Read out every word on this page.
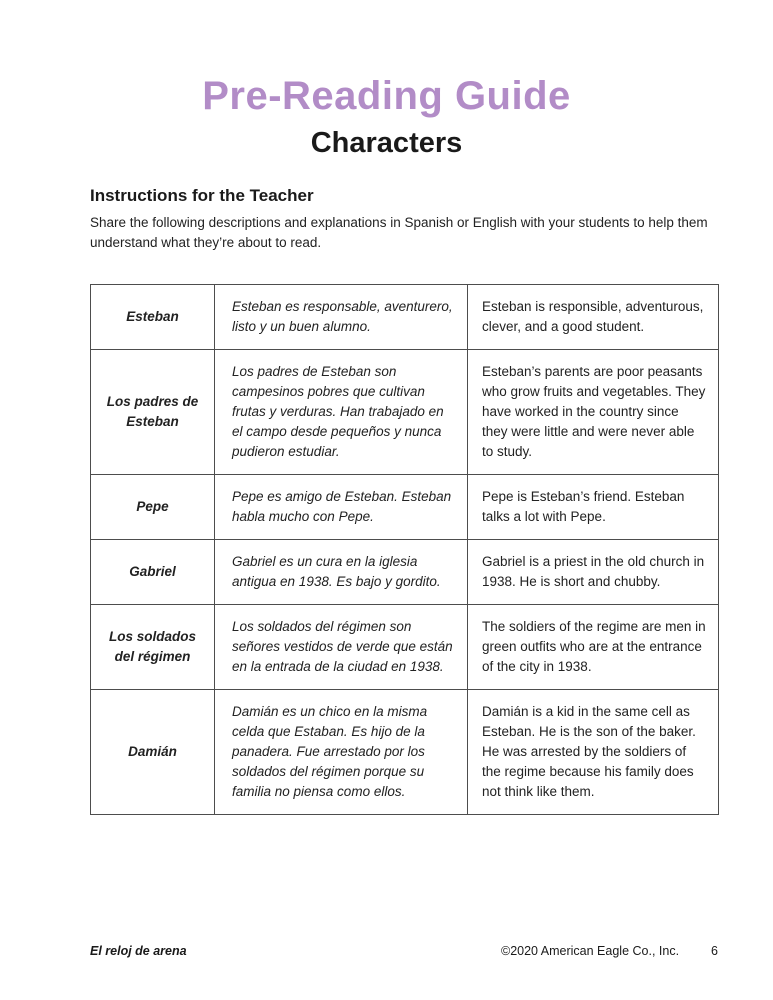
Pre-Reading Guide
Characters
Instructions for the Teacher
Share the following descriptions and explanations in Spanish or English with your students to help them understand what they’re about to read.
Esteban	Esteban es responsable, aventurero, listo y un buen alumno.	Esteban is responsible, adventurous, clever, and a good student.
Los padres de Esteban	Los padres de Esteban son campesinos pobres que cultivan frutas y verduras. Han trabajado en el campo desde pequeños y nunca pudieron estudiar.	Esteban’s parents are poor peasants who grow fruits and vegetables. They have worked in the country since they were little and were never able to study.
Pepe	Pepe es amigo de Esteban. Esteban habla mucho con Pepe.	Pepe is Esteban’s friend. Esteban talks a lot with Pepe.
Gabriel	Gabriel es un cura en la iglesia antigua en 1938. Es bajo y gordito.	Gabriel is a priest in the old church in 1938. He is short and chubby.
Los soldados del régimen	Los soldados del régimen son señores vestidos de verde que están en la entrada de la ciudad en 1938.	The soldiers of the regime are men in green outfits who are at the entrance of the city in 1938.
Damián	Damián es un chico en la misma celda que Estaban. Es hijo de la panadera. Fue arrestado por los soldados del régimen porque su familia no piensa como ellos.	Damián is a kid in the same cell as Esteban. He is the son of the baker. He was arrested by the soldiers of the regime because his family does not think like them.
El reloj de arena	©2020 American Eagle Co., Inc.	6
